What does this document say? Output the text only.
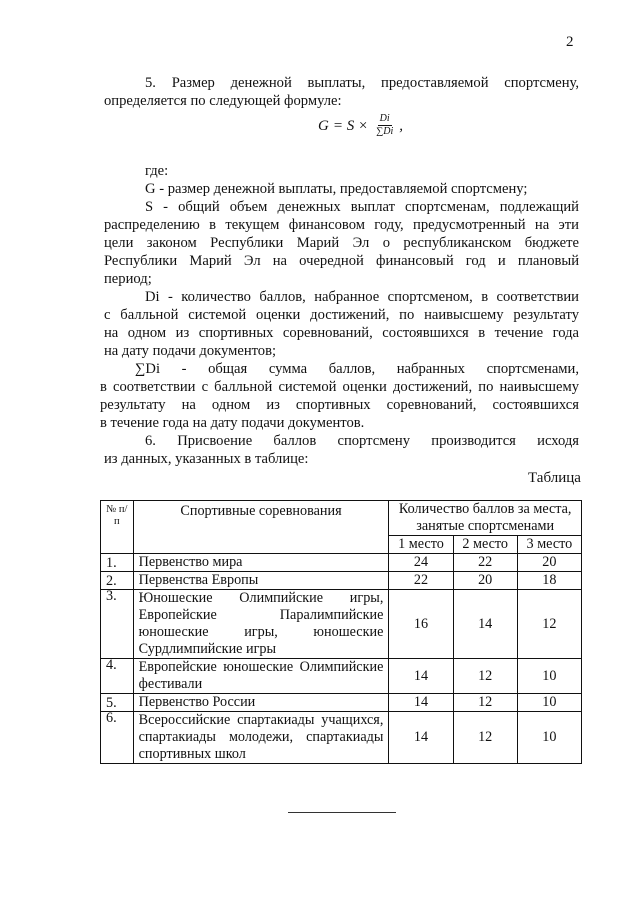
2
5. Размер денежной выплаты, предоставляемой спортсмену,
определяется по следующей формуле:
$G = S \times \frac{Di}{\sum Di}$ ,
где:
G - размер денежной выплаты, предоставляемой спортсмену;
S - общий объем денежных выплат спортсменам, подлежащий
распределению в текущем финансовом году, предусмотренный на эти
цели законом Республики Марий Эл о республиканском бюджете
Республики Марий Эл на очередной финансовый год и плановый
период;
Di - количество баллов, набранное спортсменом, в соответствии
с балльной системой оценки достижений, по наивысшему результату
на одном из спортивных соревнований, состоявшихся в течение года
на дату подачи документов;
∑Di - общая сумма баллов, набранных спортсменами,
в соответствии с балльной системой оценки достижений, по наивысшему
результату на одном из спортивных соревнований, состоявшихся
в течение года на дату подачи документов.
6. Присвоение баллов спортсмену производится исходя
из данных, указанных в таблице:
Таблица
№ п/п	Спортивные соревнования	Количество баллов за места, занятые спортсменами		
		1 место	2 место	3 место
1.	Первенство мира	24	22	20
2.	Первенства Европы	22	20	18
3.	Юношеские Олимпийские игры, Европейские Паралимпийские юношеские игры, юношеские Сурдлимпийские игры	16	14	12
4.	Европейские юношеские Олимпийские фестивали	14	12	10
5.	Первенство России	14	12	10
6.	Всероссийские спартакиады учащихся, спартакиады молодежи, спартакиады спортивных школ	14	12	10
